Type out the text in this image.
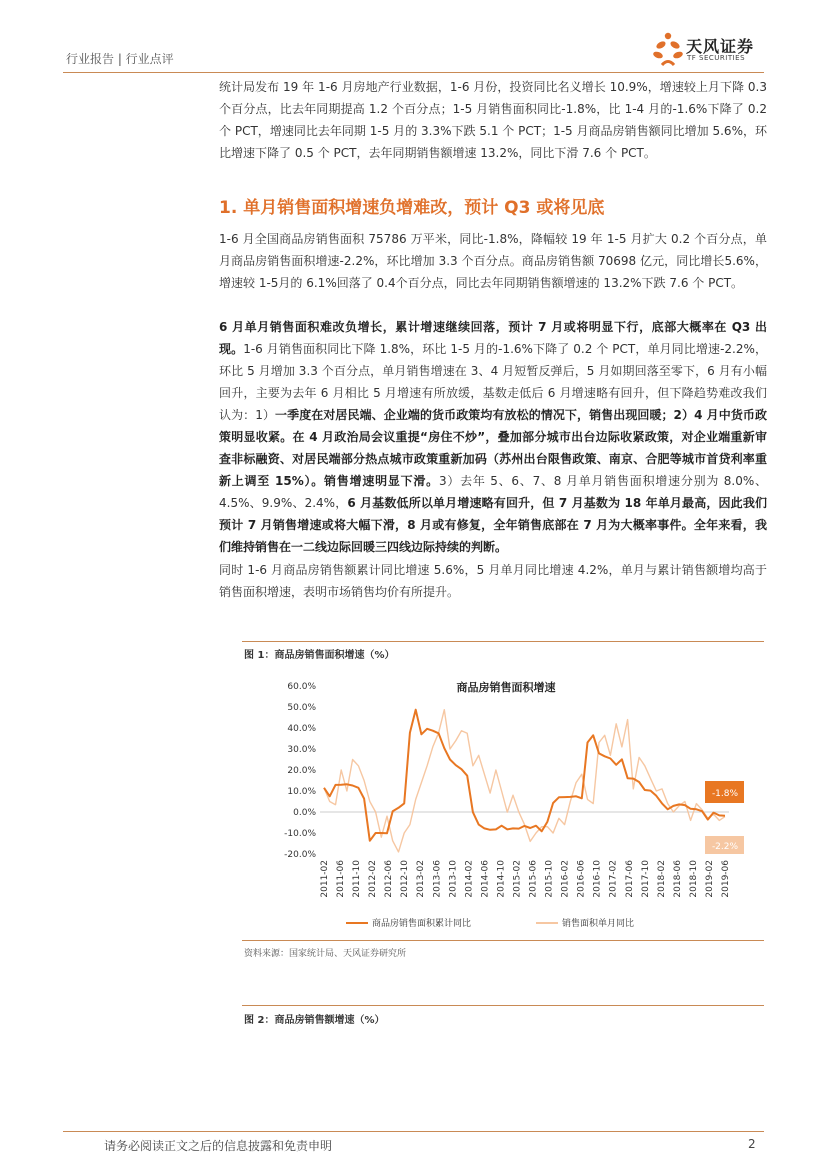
行业报告 | 行业点评
天风证券
TF SECURITIES

统计局发布 19 年 1-6 月房地产行业数据，1-6 月份，投资同比名义增长 10.9%，增速较上月下降 0.3 个百分点，比去年同期提高 1.2 个百分点；1-5 月销售面积同比-1.8%，比 1-4 月的-1.6%下降了 0.2 个 PCT，增速同比去年同期 1-5 月的 3.3%下跌 5.1 个 PCT；1-5 月商品房销售额同比增加 5.6%，环比增速下降了 0.5 个 PCT，去年同期销售额增速 13.2%，同比下滑 7.6 个 PCT。

1. 单月销售面积增速负增难改，预计 Q3 或将见底

1-6 月全国商品房销售面积 75786 万平米，同比-1.8%，降幅较 19 年 1-5 月扩大 0.2 个百分点，单月商品房销售面积增速-2.2%，环比增加 3.3 个百分点。商品房销售额 70698 亿元，同比增长5.6%，增速较 1-5月的 6.1%回落了 0.4个百分点，同比去年同期销售额增速的 13.2%下跌 7.6 个 PCT。

6 月单月销售面积难改负增长，累计增速继续回落，预计 7 月或将明显下行，底部大概率在 Q3 出现。1-6 月销售面积同比下降 1.8%，环比 1-5 月的-1.6%下降了 0.2 个 PCT，单月同比增速-2.2%，环比 5 月增加 3.3 个百分点，单月销售增速在 3、4 月短暂反弹后，5 月如期回落至零下，6 月有小幅回升，主要为去年 6 月相比 5 月增速有所放缓，基数走低后 6 月增速略有回升，但下降趋势难改我们认为：1）一季度在对居民端、企业端的货币政策均有放松的情况下，销售出现回暖；2）4 月中货币政策明显收紧。在 4 月政治局会议重提“房住不炒”，叠加部分城市出台边际收紧政策，对企业端重新审查非标融资、对居民端部分热点城市政策重新加码（苏州出台限售政策、南京、合肥等城市首贷利率重新上调至 15%）。销售增速明显下滑。3）去年 5、6、7、8 月单月销售面积增速分别为 8.0%、4.5%、9.9%、2.4%，6 月基数低所以单月增速略有回升，但 7 月基数为 18 年单月最高，因此我们预计 7 月销售增速或将大幅下滑，8 月或有修复，全年销售底部在 7 月为大概率事件。全年来看，我们维持销售在一二线边际回暖三四线边际持续的判断。

同时 1-6 月商品房销售额累计同比增速 5.6%，5 月单月同比增速 4.2%，单月与累计销售额增均高于销售面积增速，表明市场销售均价有所提升。

图 1：商品房销售面积增速（%）
商品房销售面积增速
60.0%
50.0%
40.0%
30.0%
20.0%
10.0%
0.0%
-10.0%
-20.0%
2011-02 2011-06 2011-10 2012-02 2012-06 2012-10 2013-02 2013-06 2013-10 2014-02 2014-06 2014-10 2015-02 2015-06 2015-10 2016-02 2016-06 2016-10 2017-02 2017-06 2017-10 2018-02 2018-06 2018-10 2019-02 2019-06
-1.8%
-2.2%
商品房销售面积累计同比	销售面积单月同比
资料来源：国家统计局、天风证券研究所
图 2：商品房销售额增速（%）
请务必阅读正文之后的信息披露和免责申明	2
